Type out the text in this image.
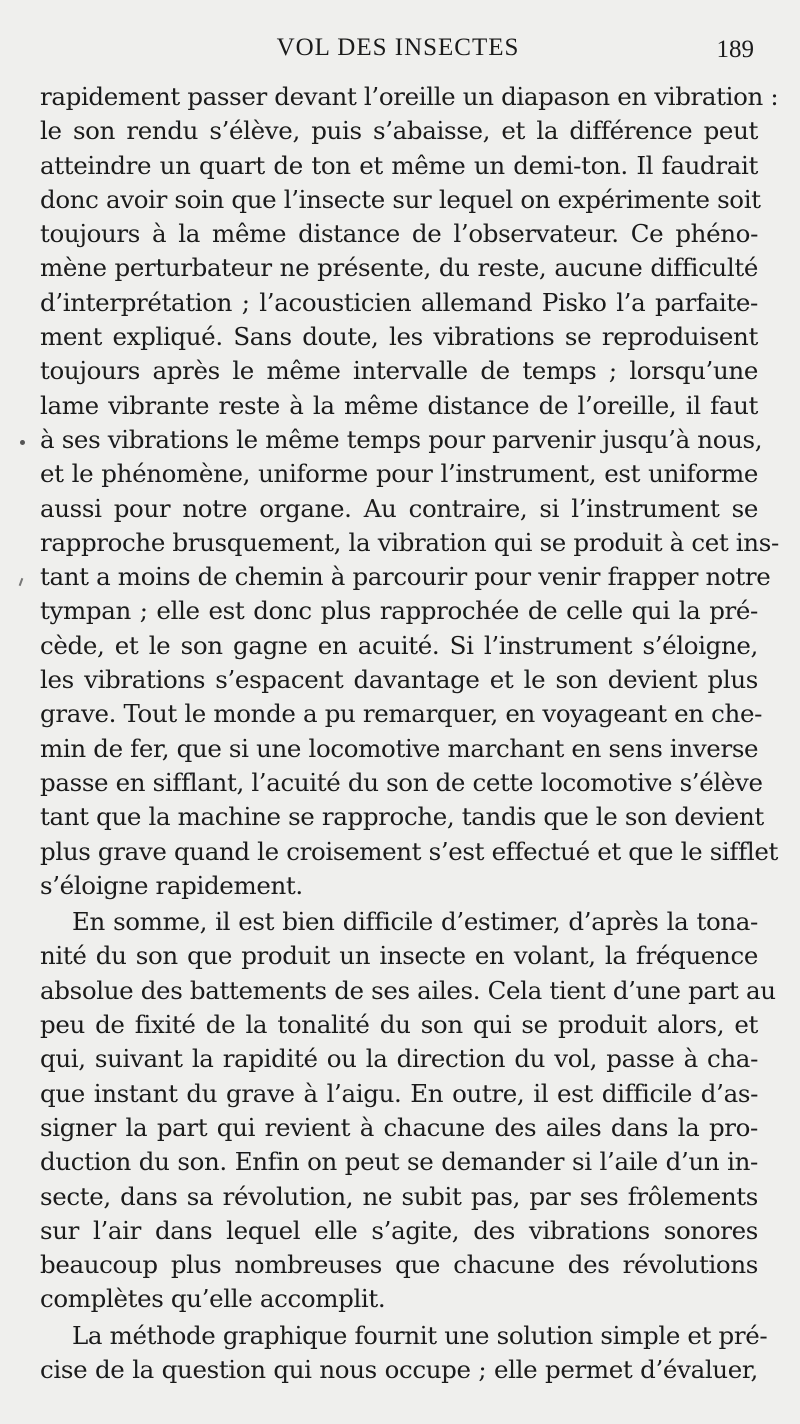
VOL DES INSECTES	189
rapidement passer devant l’oreille un diapason en vibration :
le son rendu s’élève, puis s’abaisse, et la différence peut
atteindre un quart de ton et même un demi-ton. Il faudrait
donc avoir soin que l’insecte sur lequel on expérimente soit
toujours à la même distance de l’observateur. Ce phéno-
mène perturbateur ne présente, du reste, aucune difficulté
d’interprétation ; l’acousticien allemand Pisko l’a parfaite-
ment expliqué. Sans doute, les vibrations se reproduisent
toujours après le même intervalle de temps ; lorsqu’une
lame vibrante reste à la même distance de l’oreille, il faut
à ses vibrations le même temps pour parvenir jusqu’à nous,
et le phénomène, uniforme pour l’instrument, est uniforme
aussi pour notre organe. Au contraire, si l’instrument se
rapproche brusquement, la vibration qui se produit à cet ins-
tant a moins de chemin à parcourir pour venir frapper notre
tympan ; elle est donc plus rapprochée de celle qui la pré-
cède, et le son gagne en acuité. Si l’instrument s’éloigne,
les vibrations s’espacent davantage et le son devient plus
grave. Tout le monde a pu remarquer, en voyageant en che-
min de fer, que si une locomotive marchant en sens inverse
passe en sifflant, l’acuité du son de cette locomotive s’élève
tant que la machine se rapproche, tandis que le son devient
plus grave quand le croisement s’est effectué et que le sifflet
s’éloigne rapidement.
En somme, il est bien difficile d’estimer, d’après la tona-
nité du son que produit un insecte en volant, la fréquence
absolue des battements de ses ailes. Cela tient d’une part au
peu de fixité de la tonalité du son qui se produit alors, et
qui, suivant la rapidité ou la direction du vol, passe à cha-
que instant du grave à l’aigu. En outre, il est difficile d’as-
signer la part qui revient à chacune des ailes dans la pro-
duction du son. Enfin on peut se demander si l’aile d’un in-
secte, dans sa révolution, ne subit pas, par ses frôlements
sur l’air dans lequel elle s’agite, des vibrations sonores
beaucoup plus nombreuses que chacune des révolutions
complètes qu’elle accomplit.
La méthode graphique fournit une solution simple et pré-
cise de la question qui nous occupe ; elle permet d’évaluer,
